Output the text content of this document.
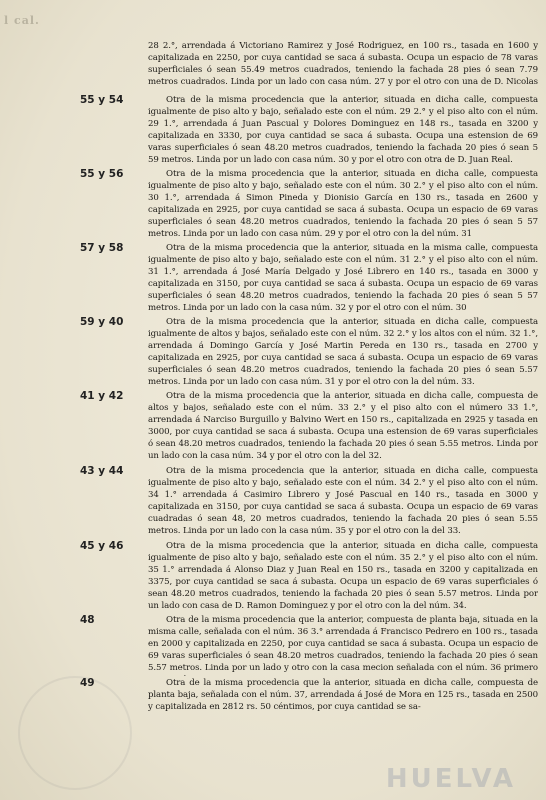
l cal.
28 2.°, arrendada á Victoriano Ramirez y José Rodriguez, en 100 rs., tasada en 1600 y capitalizada en 2250, por cuya cantidad se saca á subasta. Ocupa un espacio de 78 varas superficiales ó sean 55.49 metros cuadrados, teniendo la fachada 28 pies ó sean 7.79 metros cuadrados. Linda por un lado con casa núm. 27 y por el otro con una de D. Nicolas
55 y 54	Otra de la misma procedencia que la anterior, situada en dicha calle, compuesta igualmente de piso alto y bajo, señalado este con el núm. 29 2.° y el piso alto con el núm. 29 1.°, arrendada á Juan Pascual y Dolores Dominguez en 148 rs., tasada en 3200 y capitalizada en 3330, por cuya cantidad se saca á subasta. Ocupa una estension de 69 varas superficiales ó sean 48.20 metros cuadrados, teniendo la fachada 20 pies ó sean 5 59 metros. Linda por un lado con casa núm. 30 y por el otro con otra de D. Juan Real.
55 y 56	Otra de la misma procedencia que la anterior, situada en dicha calle, compuesta igualmente de piso alto y bajo, señalado este con el núm. 30 2.° y el piso alto con el núm. 30 1.°, arrendada á Simon Pineda y Dionisio García en 130 rs., tasada en 2600 y capitalizada en 2925, por cuya cantidad se saca á subasta. Ocupa un espacio de 69 varas superficiales ó sean 48.20 metros cuadrados, teniendo la fachada 20 pies ó sean 5 57 metros. Linda por un lado con casa núm. 29 y por el otro con la del núm. 31
57 y 58	Otra de la misma procedencia que la anterior, situada en la misma calle, compuesta igualmente de piso alto y bajo, señalado este con el núm. 31 2.° y el piso alto con el núm. 31 1.°, arrendada á José María Delgado y José Librero en 140 rs., tasada en 3000 y capitalizada en 3150, por cuya cantidad se saca á subasta. Ocupa un espacio de 69 varas superficiales ó sean 48.20 metros cuadrados, teniendo la fachada 20 pies ó sean 5 57 metros. Linda por un lado con la casa núm. 32 y por el otro con el núm. 30
59 y 40	Otra de la misma procedencia que la anterior, situada en dicha calle, compuesta igualmente de altos y bajos, señalado este con el núm. 32 2.° y los altos con el núm. 32 1.°, arrendada á Domingo García y José Martin Pereda en 130 rs., tasada en 2700 y capitalizada en 2925, por cuya cantidad se saca á subasta. Ocupa un espacio de 69 varas superficiales ó sean 48.20 metros cuadrados, teniendo la fachada 20 pies ó sean 5.57 metros. Linda por un lado con casa núm. 31 y por el otro con la del núm. 33.
41 y 42	Otra de la misma procedencia que la anterior, situada en dicha calle, compuesta de altos y bajos, señalado este con el núm. 33 2.° y el piso alto con el número 33 1.°, arrendada á Narciso Burguillo y Balvino Wert en 150 rs., capitalizada en 2925 y tasada en 3000, por cuya cantidad se saca á subasta. Ocupa una estension de 69 varas superficiales ó sean 48.20 metros cuadrados, teniendo la fachada 20 pies ó sean 5.55 metros. Linda por un lado con la casa núm. 34 y por el otro con la del 32.
43 y 44	Otra de la misma procedencia que la anterior, situada en dicha calle, compuesta igualmente de piso alto y bajo, señalado este con el núm. 34 2.° y el piso alto con el núm. 34 1.° arrendada á Casimiro Librero y José Pascual en 140 rs., tasada en 3000 y capitalizada en 3150, por cuya cantidad se saca á subasta. Ocupa un espacio de 69 varas cuadradas ó sean 48, 20 metros cuadrados, teniendo la fachada 20 pies ó sean 5.55 metros. Linda por un lado con la casa núm. 35 y por el otro con la del 33.
45 y 46	Otra de la misma procedencia que la anterior, situada en dicha calle, compuesta igualmente de piso alto y bajo, señalado este con el núm. 35 2.° y el piso alto con el núm. 35 1.° arrendada á Alonso Diaz y Juan Real en 150 rs., tasada en 3200 y capitalizada en 3375, por cuya cantidad se saca á subasta. Ocupa un espacio de 69 varas superficiales ó sean 48.20 metros cuadrados, teniendo la fachada 20 pies ó sean 5.57 metros. Linda por un lado con casa de D. Ramon Dominguez y por el otro con la del núm. 34.
48	Otra de la misma procedencia que la anterior, compuesta de planta baja, situada en la misma calle, señalada con el núm. 36 3.° arrendada á Francisco Pedrero en 100 rs., tasada en 2000 y capitalizada en 2250, por cuya cantidad se saca á subasta. Ocupa un espacio de 69 varas superficiales ó sean 48.20 metros cuadrados, teniendo la fachada 20 pies ó sean 5.57 metros. Linda por un lado y otro con la casa mecion señalada con el núm. 36 primero
49	Otra de la misma procedencia que la anterior, situada en dicha calle, compuesta de planta baja, señalada con el núm. 37, arrendada á José de Mora en 125 rs., tasada en 2500 y capitalizada en 2812 rs. 50 céntimos, por cuya cantidad se sa-
HUELVA
